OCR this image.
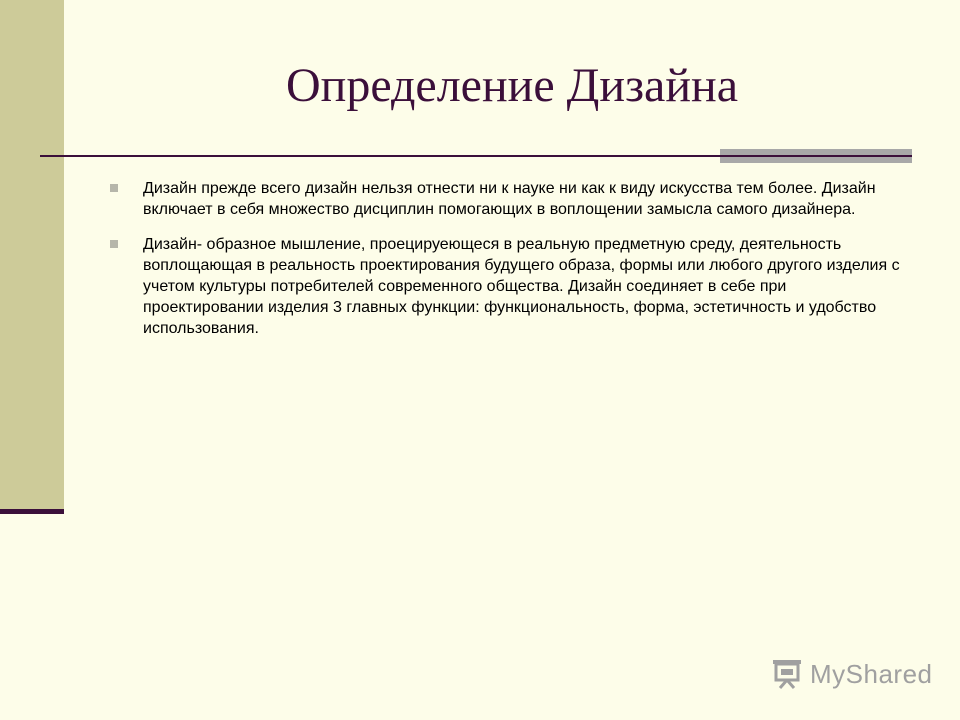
Определение Дизайна
Дизайн прежде всего дизайн нельзя отнести ни к науке ни как к виду искусства тем более. Дизайн включает в себя множество дисциплин помогающих в воплощении замысла самого дизайнера.
Дизайн- образное мышление, проецируеющеся в реальную предметную среду, деятельность воплощающая в реальность проектирования будущего образа, формы или любого другого изделия с учетом культуры потребителей современного общества. Дизайн соединяет в себе при проектировании изделия 3 главных функции: функциональность, форма, эстетичность и удобство использования.
MyShared
